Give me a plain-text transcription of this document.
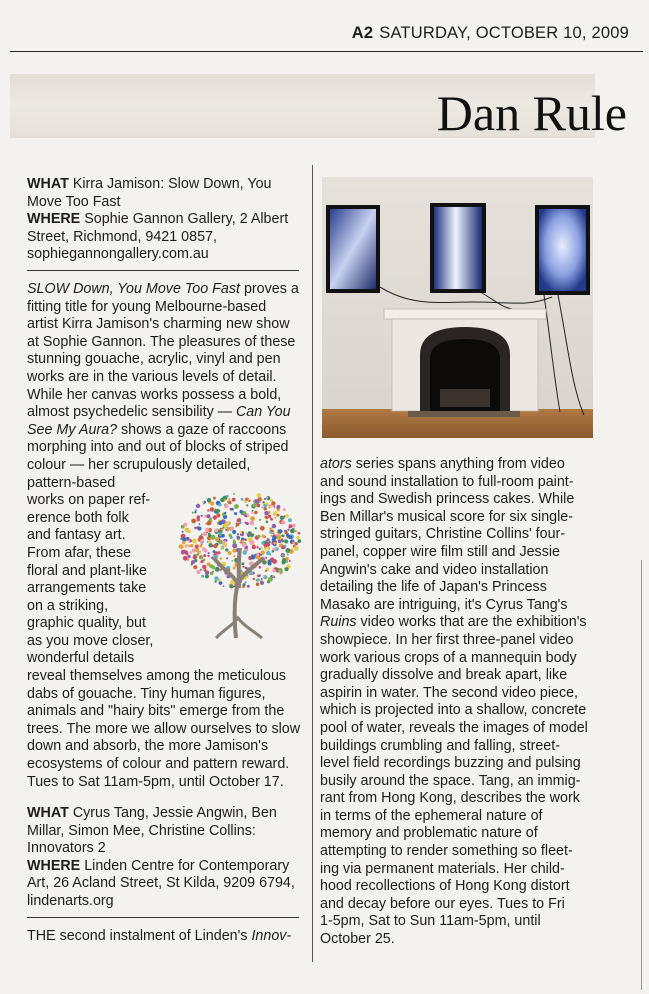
A2 SATURDAY, OCTOBER 10, 2009
Dan Rule

WHAT Kirra Jamison: Slow Down, You Move Too Fast

WHERE Sophie Gannon Gallery, 2 Albert Street, Richmond, 9421 0857, sophiegannongallery.com.au

SLOW Down, You Move Too Fast proves a

fitting title for young Melbourne-based

artist Kirra Jamison's charming new show

at Sophie Gannon. The pleasures of these

stunning gouache, acrylic, vinyl and pen

works are in the various levels of detail.

While her canvas works possess a bold,

almost psychedelic sensibility — Can You

See My Aura? shows a gaze of raccoons

morphing into and out of blocks of striped

colour — her scrupulously detailed,

pattern-based

works on paper ref-

erence both folk

and fantasy art.

From afar, these

floral and plant-like

arrangements take

on a striking,

graphic quality, but

as you move closer,

wonderful details

reveal themselves among the meticulous

dabs of gouache. Tiny human figures,

animals and "hairy bits" emerge from the

trees. The more we allow ourselves to slow

down and absorb, the more Jamison's

ecosystems of colour and pattern reward.

Tues to Sat 11am-5pm, until October 17.

WHAT Cyrus Tang, Jessie Angwin, Ben Millar, Simon Mee, Christine Collins: Innovators 2

WHERE Linden Centre for Contemporary Art, 26 Acland Street, St Kilda, 9209 6794, lindenarts.org

THE second instalment of Linden's Innov-

ators series spans anything from video

and sound installation to full-room paint-

ings and Swedish princess cakes. While

Ben Millar's musical score for six single-

stringed guitars, Christine Collins' four-

panel, copper wire film still and Jessie

Angwin's cake and video installation

detailing the life of Japan's Princess

Masako are intriguing, it's Cyrus Tang's

Ruins video works that are the exhibition's

showpiece. In her first three-panel video

work various crops of a mannequin body

gradually dissolve and break apart, like

aspirin in water. The second video piece,

which is projected into a shallow, concrete

pool of water, reveals the images of model

buildings crumbling and falling, street-

level field recordings buzzing and pulsing

busily around the space. Tang, an immig-

rant from Hong Kong, describes the work

in terms of the ephemeral nature of

memory and problematic nature of

attempting to render something so fleet-

ing via permanent materials. Her child-

hood recollections of Hong Kong distort

and decay before our eyes. Tues to Fri

1-5pm, Sat to Sun 11am-5pm, until

October 25.
